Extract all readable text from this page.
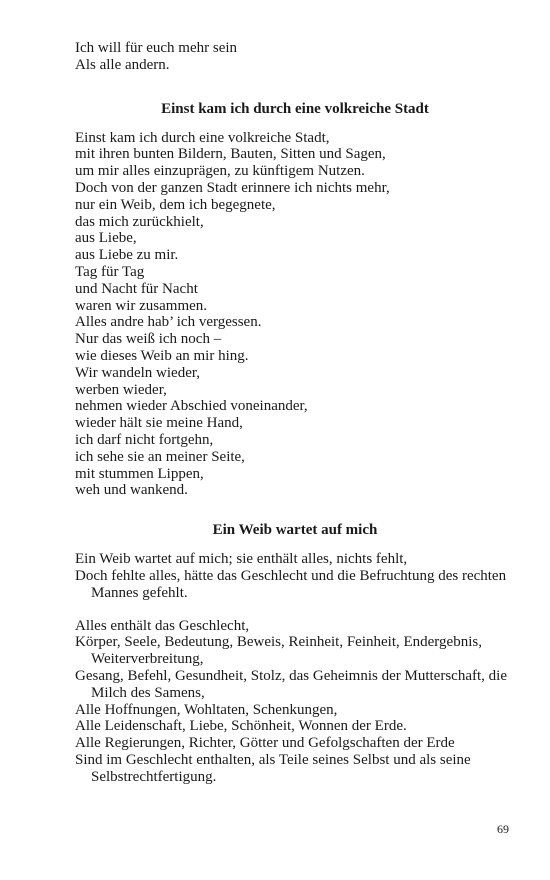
Ich will für euch mehr sein
Als alle andern.
Einst kam ich durch eine volkreiche Stadt
Einst kam ich durch eine volkreiche Stadt,
mit ihren bunten Bildern, Bauten, Sitten und Sagen,
um mir alles einzuprägen, zu künftigem Nutzen.
Doch von der ganzen Stadt erinnere ich nichts mehr,
nur ein Weib, dem ich begegnete,
das mich zurückhielt,
aus Liebe,
aus Liebe zu mir.
Tag für Tag
und Nacht für Nacht
waren wir zusammen.
Alles andre hab’ ich vergessen.
Nur das weiß ich noch –
wie dieses Weib an mir hing.
Wir wandeln wieder,
werben wieder,
nehmen wieder Abschied voneinander,
wieder hält sie meine Hand,
ich darf nicht fortgehn,
ich sehe sie an meiner Seite,
mit stummen Lippen,
weh und wankend.
Ein Weib wartet auf mich
Ein Weib wartet auf mich; sie enthält alles, nichts fehlt,
Doch fehlte alles, hätte das Geschlecht und die Befruchtung des rechten
Mannes gefehlt.
Alles enthält das Geschlecht,
Körper, Seele, Bedeutung, Beweis, Reinheit, Feinheit, Endergebnis,
Weiterverbreitung,
Gesang, Befehl, Gesundheit, Stolz, das Geheimnis der Mutterschaft, die
Milch des Samens,
Alle Hoffnungen, Wohltaten, Schenkungen,
Alle Leidenschaft, Liebe, Schönheit, Wonnen der Erde.
Alle Regierungen, Richter, Götter und Gefolgschaften der Erde
Sind im Geschlecht enthalten, als Teile seines Selbst und als seine
Selbstrechtfertigung.
69
